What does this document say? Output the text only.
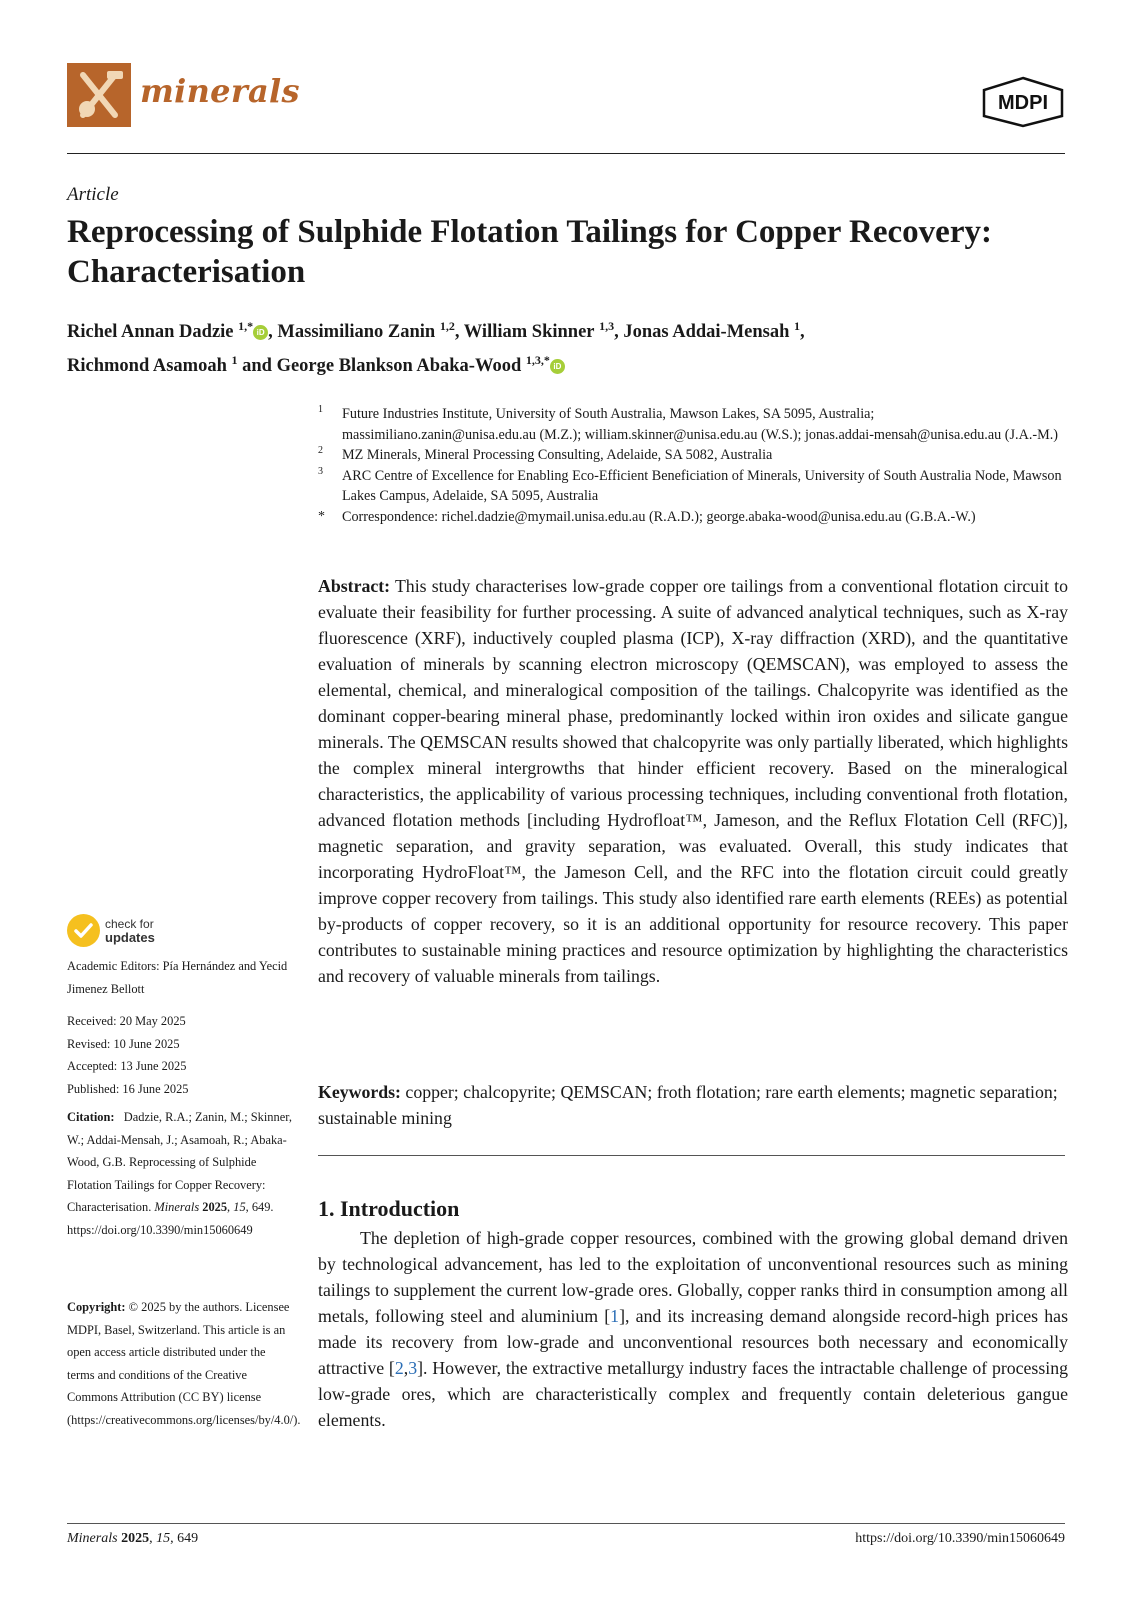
minerals	MDPI
Article
Reprocessing of Sulphide Flotation Tailings for Copper Recovery: Characterisation
Richel Annan Dadzie $^{1,*}$ iD , Massimiliano Zanin $^{1,2}$, William Skinner $^{1,3}$, Jonas Addai-Mensah $^1$,
Richmond Asamoah $^1$ and George Blankson Abaka-Wood $^{1,3,*}$ iD
1 Future Industries Institute, University of South Australia, Mawson Lakes, SA 5095, Australia; massimiliano.zanin@unisa.edu.au (M.Z.); william.skinner@unisa.edu.au (W.S.); jonas.addai-mensah@unisa.edu.au (J.A.-M.)
2 MZ Minerals, Mineral Processing Consulting, Adelaide, SA 5082, Australia
3 ARC Centre of Excellence for Enabling Eco-Efficient Beneficiation of Minerals, University of South Australia Node, Mawson Lakes Campus, Adelaide, SA 5095, Australia
* Correspondence: richel.dadzie@mymail.unisa.edu.au (R.A.D.); george.abaka-wood@unisa.edu.au (G.B.A.-W.)

Abstract: This study characterises low-grade copper ore tailings from a conventional flotation circuit to evaluate their feasibility for further processing. A suite of advanced analytical techniques, such as X-ray fluorescence (XRF), inductively coupled plasma (ICP), X-ray diffraction (XRD), and the quantitative evaluation of minerals by scanning electron microscopy (QEMSCAN), was employed to assess the elemental, chemical, and mineralogical composition of the tailings. Chalcopyrite was identified as the dominant copper-bearing mineral phase, predominantly locked within iron oxides and silicate gangue minerals. The QEMSCAN results showed that chalcopyrite was only partially liberated, which highlights the complex mineral intergrowths that hinder efficient recovery. Based on the mineralogical characteristics, the applicability of various processing techniques, including conventional froth flotation, advanced flotation methods [including Hydrofloat™, Jameson, and the Reflux Flotation Cell (RFC)], magnetic separation, and gravity separation, was evaluated. Overall, this study indicates that incorporating HydroFloat™, the Jameson Cell, and the RFC into the flotation circuit could greatly improve copper recovery from tailings. This study also identified rare earth elements (REEs) as potential by-products of copper recovery, so it is an additional opportunity for resource recovery. This paper contributes to sustainable mining practices and resource optimization by highlighting the characteristics and recovery of valuable minerals from tailings.

Keywords: copper; chalcopyrite; QEMSCAN; froth flotation; rare earth elements; magnetic separation; sustainable mining

check for
updates
Academic Editors: Pía Hernández and Yecid Jimenez Bellott

Received: 20 May 2025

Revised: 10 June 2025

Accepted: 13 June 2025

Published: 16 June 2025

Citation: Dadzie, R.A.; Zanin, M.; Skinner, W.; Addai-Mensah, J.; Asamoah, R.; Abaka-Wood, G.B. Reprocessing of Sulphide Flotation Tailings for Copper Recovery: Characterisation. Minerals 2025, 15, 649. https://doi.org/10.3390/min15060649
Copyright: © 2025 by the authors. Licensee MDPI, Basel, Switzerland. This article is an open access article distributed under the terms and conditions of the Creative Commons Attribution (CC BY) license (https://creativecommons.org/licenses/by/4.0/).
1. Introduction

The depletion of high-grade copper resources, combined with the growing global demand driven by technological advancement, has led to the exploitation of unconventional resources such as mining tailings to supplement the current low-grade ores. Globally, copper ranks third in consumption among all metals, following steel and aluminium [1], and its increasing demand alongside record-high prices has made its recovery from low-grade and unconventional resources both necessary and economically attractive [2,3]. However, the extractive metallurgy industry faces the intractable challenge of processing low-grade ores, which are characteristically complex and frequently contain deleterious gangue elements.

Minerals 2025, 15, 649	https://doi.org/10.3390/min15060649
